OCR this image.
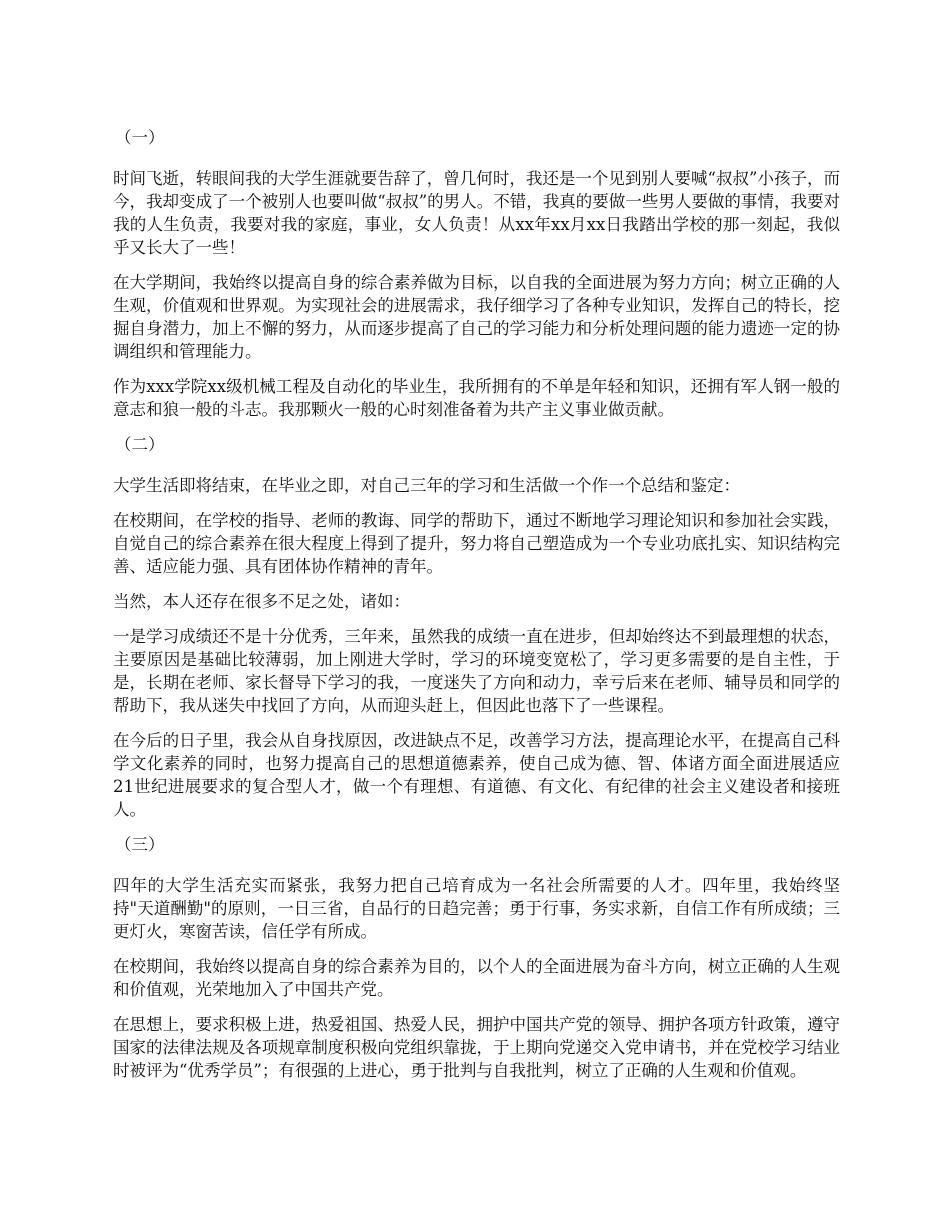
（一）

时间飞逝，转眼间我的大学生涯就要告辞了，曾几何时，我还是一个见到别人要喊“叔叔”小孩子，而今，我却变成了一个被别人也要叫做“叔叔”的男人。不错，我真的要做一些男人要做的事情，我要对我的人生负责，我要对我的家庭，事业，女人负责！从xx年xx月xx日我踏出学校的那一刻起，我似乎又长大了一些！

在大学期间，我始终以提高自身的综合素养做为目标，以自我的全面进展为努力方向；树立正确的人生观，价值观和世界观。为实现社会的进展需求，我仔细学习了各种专业知识，发挥自己的特长，挖掘自身潜力，加上不懈的努力，从而逐步提高了自己的学习能力和分析处理问题的能力遗迹一定的协调组织和管理能力。

作为xxx学院xx级机械工程及自动化的毕业生，我所拥有的不单是年轻和知识，还拥有军人钢一般的意志和狼一般的斗志。我那颗火一般的心时刻准备着为共产主义事业做贡献。

（二）

大学生活即将结束，在毕业之即，对自己三年的学习和生活做一个作一个总结和鉴定：

在校期间，在学校的指导、老师的教诲、同学的帮助下，通过不断地学习理论知识和参加社会实践，自觉自己的综合素养在很大程度上得到了提升，努力将自己塑造成为一个专业功底扎实、知识结构完善、适应能力强、具有团体协作精神的青年。

当然，本人还存在很多不足之处，诸如：

一是学习成绩还不是十分优秀，三年来，虽然我的成绩一直在进步，但却始终达不到最理想的状态，主要原因是基础比较薄弱，加上刚进大学时，学习的环境变宽松了，学习更多需要的是自主性，于是，长期在老师、家长督导下学习的我，一度迷失了方向和动力，幸亏后来在老师、辅导员和同学的帮助下，我从迷失中找回了方向，从而迎头赶上，但因此也落下了一些课程。

在今后的日子里，我会从自身找原因，改进缺点不足，改善学习方法，提高理论水平，在提高自己科学文化素养的同时，也努力提高自己的思想道德素养，使自己成为德、智、体诸方面全面进展适应21世纪进展要求的复合型人才，做一个有理想、有道德、有文化、有纪律的社会主义建设者和接班人。

（三）

四年的大学生活充实而紧张，我努力把自己培育成为一名社会所需要的人才。四年里，我始终坚持"天道酬勤"的原则，一日三省，自品行的日趋完善；勇于行事，务实求新，自信工作有所成绩；三更灯火，寒窗苦读，信任学有所成。

在校期间，我始终以提高自身的综合素养为目的，以个人的全面进展为奋斗方向，树立正确的人生观和价值观，光荣地加入了中国共产党。

在思想上，要求积极上进，热爱祖国、热爱人民，拥护中国共产党的领导、拥护各项方针政策，遵守国家的法律法规及各项规章制度积极向党组织靠拢，于上期向党递交入党申请书，并在党校学习结业时被评为“优秀学员”；有很强的上进心，勇于批判与自我批判，树立了正确的人生观和价值观。
